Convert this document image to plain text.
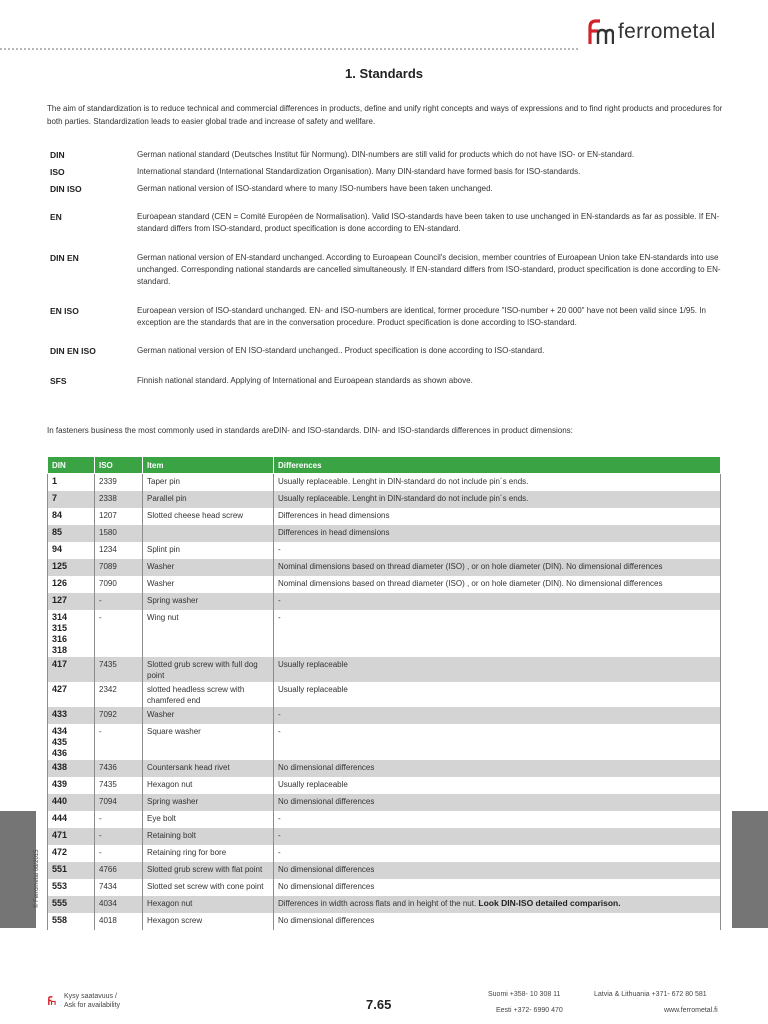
ferrometal
1. Standards
The aim of standardization is to reduce technical and commercial differences in products, define and unify right concepts and ways of expressions and to find right products and procedures for both parties. Standardization leads to easier global trade and increase of safety and wellfare.
DIN	German national standard (Deutsches Institut für Normung). DIN-numbers are still valid for products which do not have ISO- or EN-standard.
ISO	International standard (International Standardization Organisation). Many DIN-standard have formed basis for ISO-standards.
DIN ISO	German national version of ISO-standard where to many ISO-numbers have been taken unchanged.
EN	Euroapean standard (CEN = Comité Européen de Normalisation). Valid ISO-standards have been taken to use unchanged in EN-standards as far as possible. If EN-standard differs from ISO-standard, product specification is done according to EN-standard.
DIN EN	German national version of EN-standard unchanged. According to Euroapean Council's decision, member countries of Euroapean Union take EN-standards into use unchanged. Corresponding national standards are cancelled simultaneously. If EN-standard differs from ISO-standard, product specification is done according to EN-standard.
EN ISO	Euroapean version of ISO-standard unchanged. EN- and ISO-numbers are identical, former procedure "ISO-number + 20 000" have not been valid since 1/95. In exception are the standards that are in the conversation procedure. Product specification is done according to ISO-standard.
DIN EN ISO	German national version of EN ISO-standard unchanged.. Product specification is done according to ISO-standard.
SFS	Finnish national standard. Applying of International and Euroapean standards as shown above.
In fasteners business the most commonly used in standards areDIN- and ISO-standards. DIN- and ISO-standards differences in product dimensions:
DIN	ISO	Item	Differences
1	2339	Taper pin	Usually replaceable. Lenght in DIN-standard do not include pin´s ends.
7	2338	Parallel pin	Usually replaceable. Lenght in DIN-standard do not include pin´s ends.
84	1207	Slotted cheese head screw	Differences in head dimensions
85	1580		Differences in head dimensions
94	1234	Splint pin	-
125	7089	Washer	Nominal dimensions based on thread diameter (ISO) , or on hole diameter (DIN). No dimensional differences
126	7090	Washer	Nominal dimensions based on thread diameter (ISO) , or on hole diameter (DIN). No dimensional differences
127	-	Spring washer	-
314
315
316
318	-	Wing nut	-
417	7435	Slotted grub screw with full dog point	Usually replaceable
427	2342	slotted headless screw with chamfered end	Usually replaceable
433	7092	Washer	-
434
435
436	-	Square washer	-
438	7436	Countersank head rivet	No dimensional differences
439	7435	Hexagon nut	Usually replaceable
440	7094	Spring washer	No dimensional differences
444	-	Eye bolt	-
471	-	Retaining bolt	-
472	-	Retaining ring for bore	-
551	4766	Slotted grub screw with flat point	No dimensional differences
553	7434	Slotted set screw with cone point	No dimensional differences
555	4034	Hexagon nut	Differences in width across flats and in height of the nut. Look DIN-ISO detailed comparison.
558	4018	Hexagon screw	No dimensional differences
© Ferrometal 08/2015
Kysy saatavuus /
Ask for availability	7.65
Suomi +358- 10 308 11	Latvia & Lithuania +371- 672 80 581
Eesti +372- 6990 470	www.ferrometal.fi
